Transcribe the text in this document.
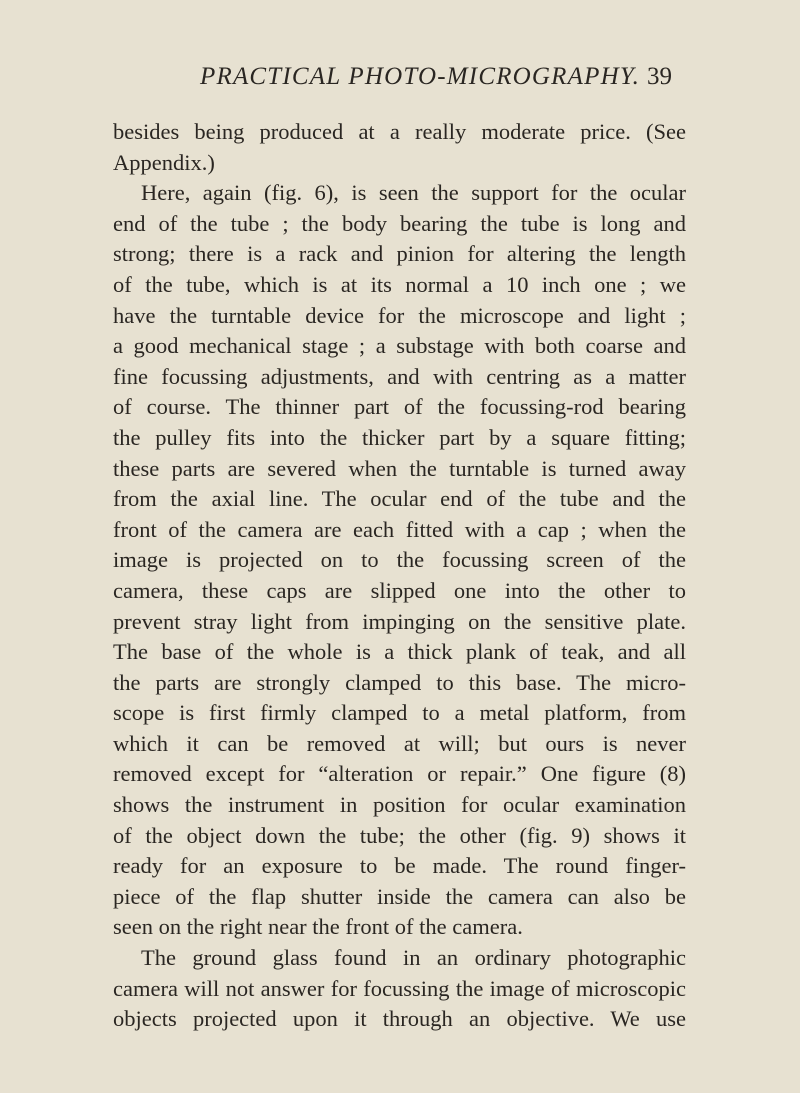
PRACTICAL PHOTO-MICROGRAPHY. 39
besides being produced at a really moderate price. (See
Appendix.)
Here, again (fig. 6), is seen the support for the ocular
end of the tube ; the body bearing the tube is long and
strong; there is a rack and pinion for altering the length
of the tube, which is at its normal a 10 inch one ; we
have the turntable device for the microscope and light ;
a good mechanical stage ; a substage with both coarse and
fine focussing adjustments, and with centring as a matter
of course. The thinner part of the focussing-rod bearing
the pulley fits into the thicker part by a square fitting;
these parts are severed when the turntable is turned away
from the axial line. The ocular end of the tube and the
front of the camera are each fitted with a cap ; when the
image is projected on to the focussing screen of the
camera, these caps are slipped one into the other to
prevent stray light from impinging on the sensitive plate.
The base of the whole is a thick plank of teak, and all
the parts are strongly clamped to this base. The micro-
scope is first firmly clamped to a metal platform, from
which it can be removed at will; but ours is never
removed except for “alteration or repair.” One figure (8)
shows the instrument in position for ocular examination
of the object down the tube; the other (fig. 9) shows it
ready for an exposure to be made. The round finger-
piece of the flap shutter inside the camera can also be
seen on the right near the front of the camera.
The ground glass found in an ordinary photographic
camera will not answer for focussing the image of microscopic
objects projected upon it through an objective. We use
